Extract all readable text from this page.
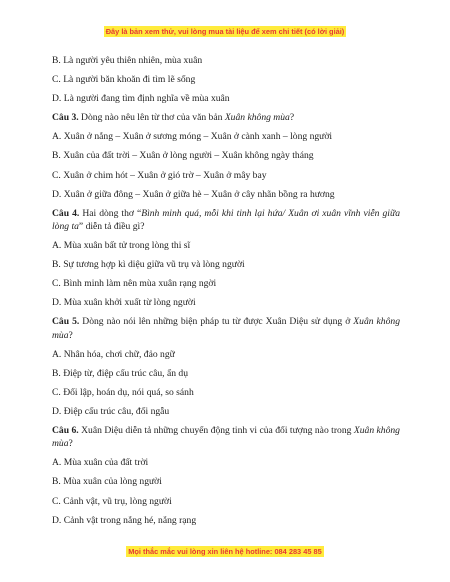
Đây là bản xem thử, vui lòng mua tài liệu để xem chi tiết (có lời giải)
B. Là người yêu thiên nhiên, mùa xuân
C. Là người băn khoăn đi tìm lẽ sống
D. Là người đang tìm định nghĩa về mùa xuân
Câu 3. Dòng nào nêu lên từ thơ của văn bản Xuân không mùa?
A. Xuân ở nắng – Xuân ở sương móng – Xuân ở cành xanh – lòng người
B. Xuân của đất trời – Xuân ở lòng người – Xuân không ngày tháng
C. Xuân ở chim hót – Xuân ở gió trờ – Xuân ở mây bay
D. Xuân ở giữa đông – Xuân ở giữa hè – Xuân ở cây nhãn bồng ra hương
Câu 4. Hai dòng thơ “Bình minh quá, mỗi khi tinh lại hứa/ Xuân ơi xuân vĩnh viễn giữa lòng ta” diễn tả điều gì?
A. Mùa xuân bất tử trong lòng thi sĩ
B. Sự tương hợp kì diệu giữa vũ trụ và lòng người
C. Bình minh làm nên mùa xuân rạng ngời
D. Mùa xuân khởi xuất từ lòng người
Câu 5. Dòng nào nói lên những biện pháp tu từ được Xuân Diệu sử dụng ở Xuân không mùa?
A. Nhân hóa, chơi chữ, đảo ngữ
B. Điệp từ, điệp cấu trúc câu, ẩn dụ
C. Đối lập, hoán dụ, nói quá, so sánh
D. Điệp cấu trúc câu, đối ngẫu
Câu 6. Xuân Diệu diễn tả những chuyển động tinh vi của đối tượng nào trong Xuân không mùa?
A. Mùa xuân của đất trời
B. Mùa xuân của lòng người
C. Cảnh vật, vũ trụ, lòng người
D. Cảnh vật trong nắng hé, nắng rạng
Mọi thắc mắc vui lòng xin liên hệ hotline: 084 283 45 85
